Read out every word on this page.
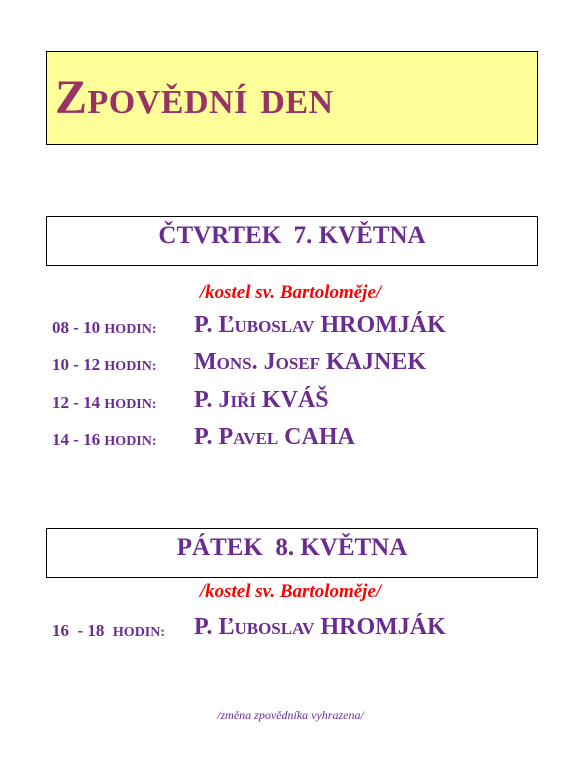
Zpovědní den
ČTVRTEK  7. KVĚTNA
/kostel sv. Bartoloměje/
08 - 10 HODIN: P. Ľuboslav HROMJÁK
10 - 12 HODIN: Mons. Josef KAJNEK
12 - 14 HODIN: P. Jiří KVÁŠ
14 - 16 HODIN: P. Pavel CAHA
PÁTEK  8. KVĚTNA
/kostel sv. Bartoloměje/
16  - 18  HODIN: P. Ľuboslav HROMJÁK
/změna zpovědníka vyhrazena/
